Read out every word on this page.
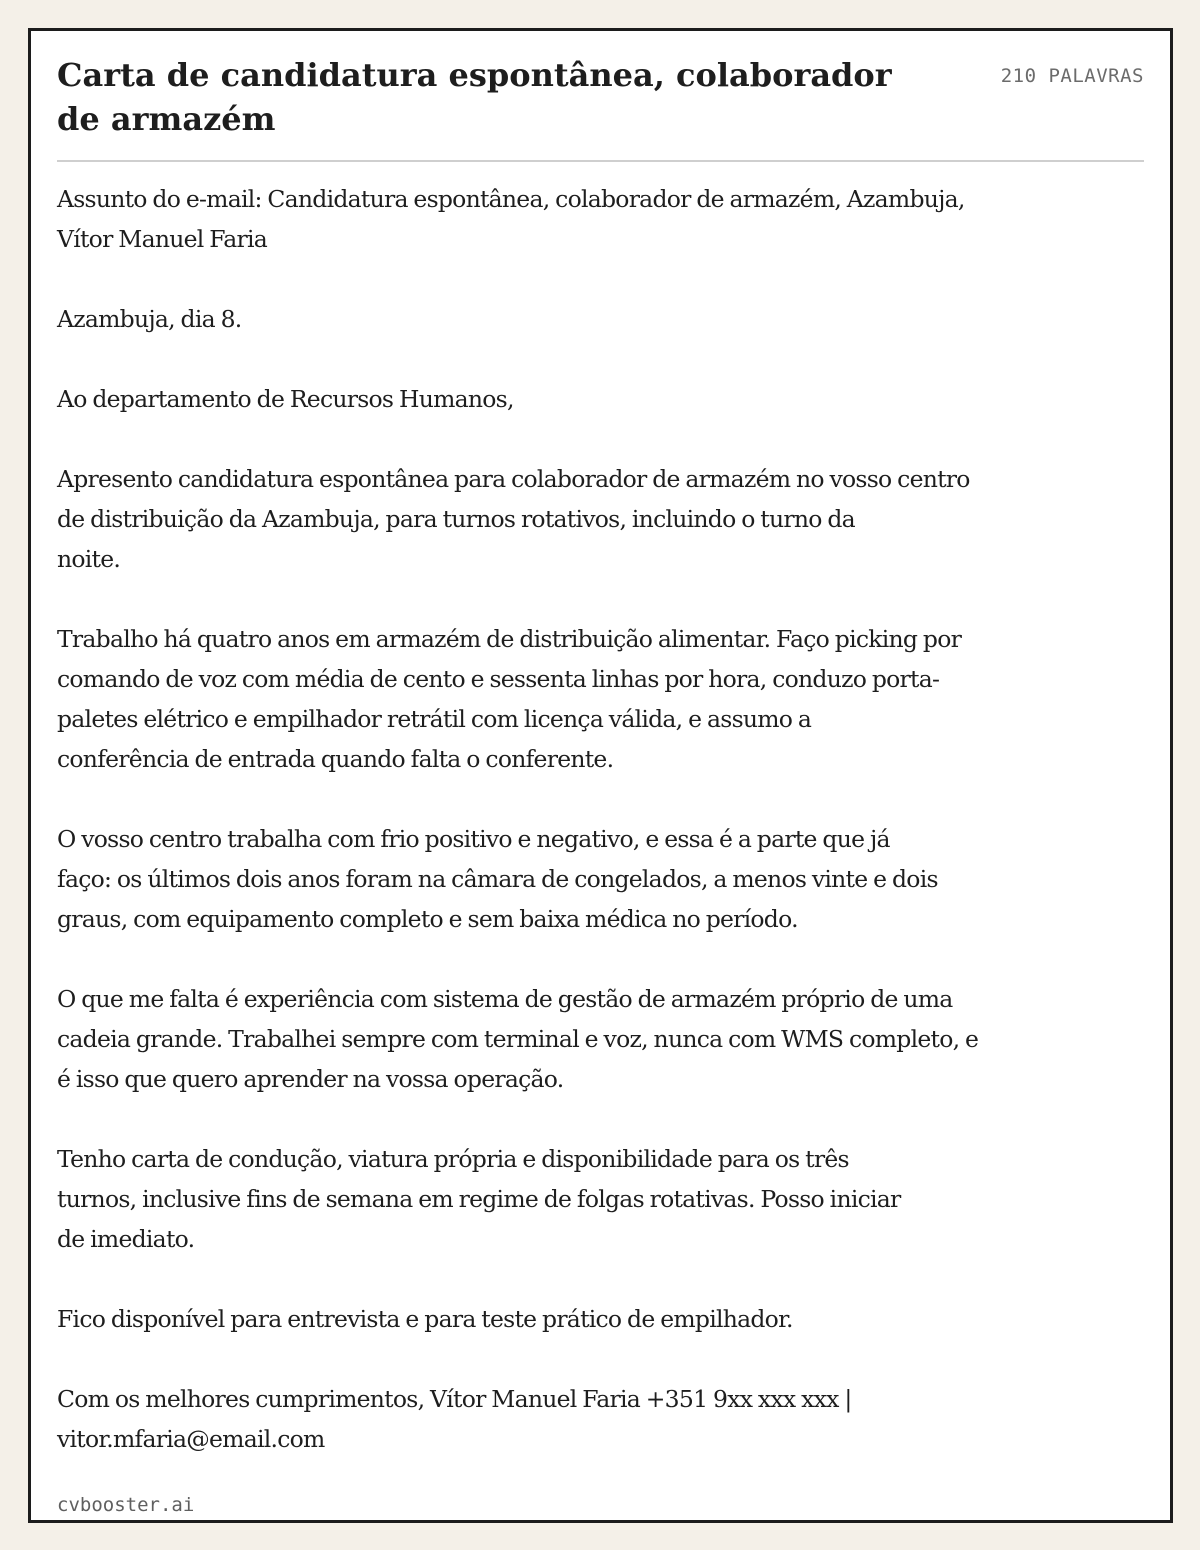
Carta de candidatura espontânea, colaborador de armazém
210 PALAVRAS

Assunto do e-mail: Candidatura espontânea, colaborador de armazém, Azambuja,
Vítor Manuel Faria

Azambuja, dia 8.

Ao departamento de Recursos Humanos,

Apresento candidatura espontânea para colaborador de armazém no vosso centro
de distribuição da Azambuja, para turnos rotativos, incluindo o turno da
noite.

Trabalho há quatro anos em armazém de distribuição alimentar. Faço picking por
comando de voz com média de cento e sessenta linhas por hora, conduzo porta-
paletes elétrico e empilhador retrátil com licença válida, e assumo a
conferência de entrada quando falta o conferente.

O vosso centro trabalha com frio positivo e negativo, e essa é a parte que já
faço: os últimos dois anos foram na câmara de congelados, a menos vinte e dois
graus, com equipamento completo e sem baixa médica no período.

O que me falta é experiência com sistema de gestão de armazém próprio de uma
cadeia grande. Trabalhei sempre com terminal e voz, nunca com WMS completo, e
é isso que quero aprender na vossa operação.

Tenho carta de condução, viatura própria e disponibilidade para os três
turnos, inclusive fins de semana em regime de folgas rotativas. Posso iniciar
de imediato.

Fico disponível para entrevista e para teste prático de empilhador.

Com os melhores cumprimentos, Vítor Manuel Faria +351 9xx xxx xxx |
vitor.mfaria@email.com

cvbooster.ai
